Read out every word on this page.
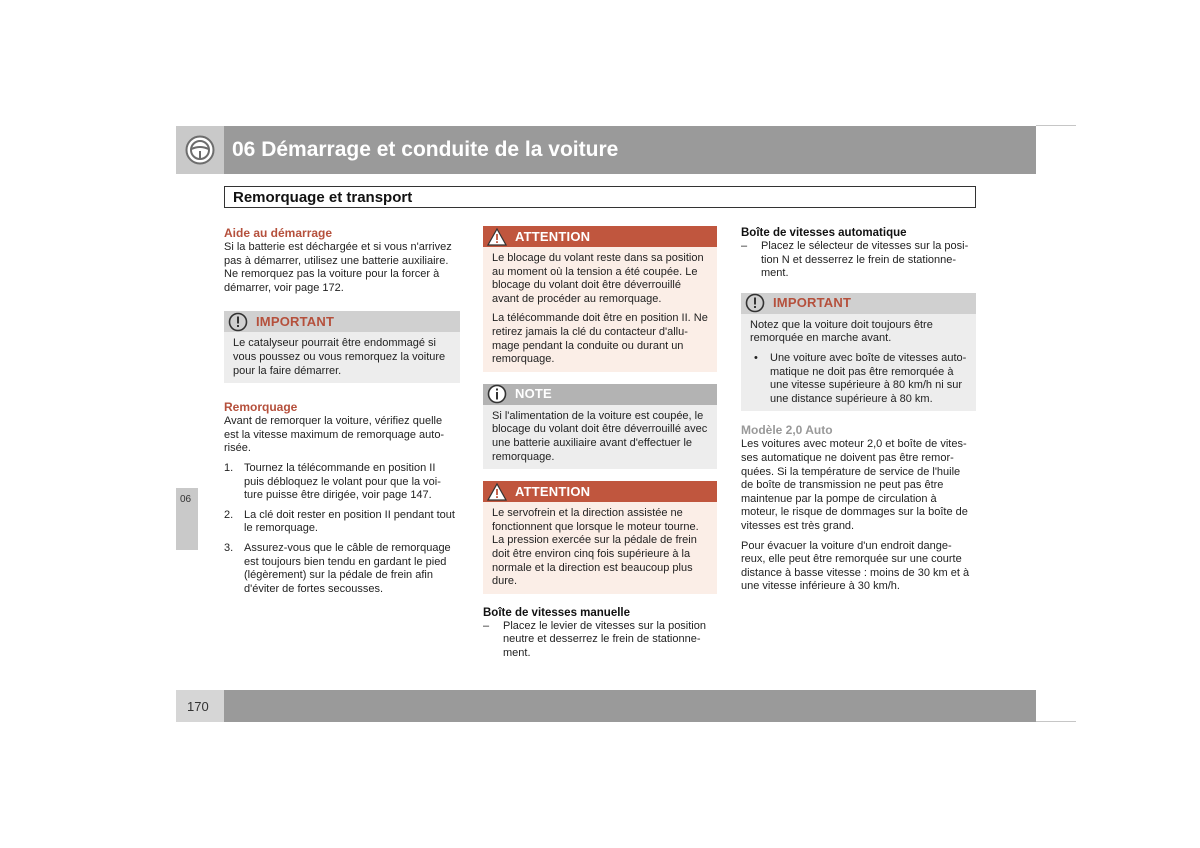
06 Démarrage et conduite de la voiture
Remorquage et transport
06
Aide au démarrage

Si la batterie est déchargée et si vous n'arrivez

pas à démarrer, utilisez une batterie auxiliaire.

Ne remorquez pas la voiture pour la forcer à

démarrer, voir page 172.

IMPORTANT

Le catalyseur pourrait être endommagé si

vous poussez ou vous remorquez la voiture

pour la faire démarrer.

Remorquage

Avant de remorquer la voiture, vérifiez quelle

est la vitesse maximum de remorquage auto-

risée.

1. Tournez la télécommande en position II

puis débloquez le volant pour que la voi-

ture puisse être dirigée, voir page 147.

2. La clé doit rester en position II pendant tout

le remorquage.

3. Assurez-vous que le câble de remorquage

est toujours bien tendu en gardant le pied

(légèrement) sur la pédale de frein afin

d'éviter de fortes secousses.

ATTENTION

Le blocage du volant reste dans sa position

au moment où la tension a été coupée. Le

blocage du volant doit être déverrouillé

avant de procéder au remorquage.

La télécommande doit être en position II. Ne

retirez jamais la clé du contacteur d'allu-

mage pendant la conduite ou durant un

remorquage.

NOTE

Si l'alimentation de la voiture est coupée, le

blocage du volant doit être déverrouillé avec

une batterie auxiliaire avant d'effectuer le

remorquage.

ATTENTION

Le servofrein et la direction assistée ne

fonctionnent que lorsque le moteur tourne.

La pression exercée sur la pédale de frein

doit être environ cinq fois supérieure à la

normale et la direction est beaucoup plus

dure.

Boîte de vitesses manuelle
– Placez le levier de vitesses sur la position

neutre et desserrez le frein de stationne-

ment.

Boîte de vitesses automatique
– Placez le sélecteur de vitesses sur la posi-

tion N et desserrez le frein de stationne-

ment.

IMPORTANT

Notez que la voiture doit toujours être

remorquée en marche avant.

• Une voiture avec boîte de vitesses auto-

matique ne doit pas être remorquée à

une vitesse supérieure à 80 km/h ni sur

une distance supérieure à 80 km.

Modèle 2,0 Auto

Les voitures avec moteur 2,0 et boîte de vites-

ses automatique ne doivent pas être remor-

quées. Si la température de service de l'huile

de boîte de transmission ne peut pas être

maintenue par la pompe de circulation à

moteur, le risque de dommages sur la boîte de

vitesses est très grand.

Pour évacuer la voiture d'un endroit dange-

reux, elle peut être remorquée sur une courte

distance à basse vitesse : moins de 30 km et à

une vitesse inférieure à 30 km/h.

170
